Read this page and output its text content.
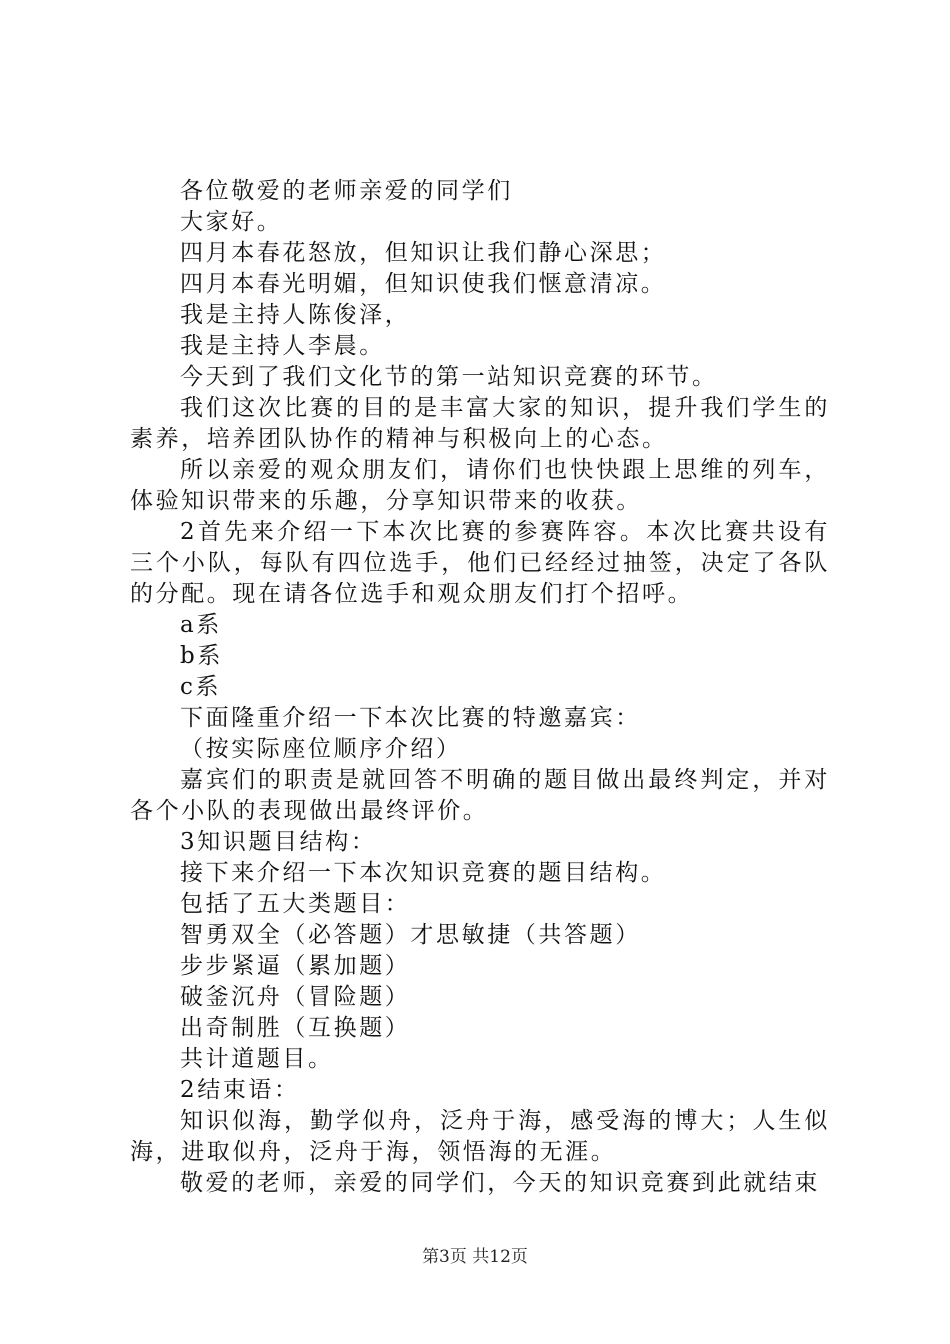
各位敬爱的老师亲爱的同学们

大家好。

四月本春花怒放，但知识让我们静心深思；

四月本春光明媚，但知识使我们惬意清凉。

我是主持人陈俊泽，

我是主持人李晨。

今天到了我们文化节的第一站知识竞赛的环节。

我们这次比赛的目的是丰富大家的知识，提升我们学生的素养，培养团队协作的精神与积极向上的心态。

所以亲爱的观众朋友们，请你们也快快跟上思维的列车，体验知识带来的乐趣，分享知识带来的收获。

2首先来介绍一下本次比赛的参赛阵容。本次比赛共设有三个小队，每队有四位选手，他们已经经过抽签，决定了各队的分配。现在请各位选手和观众朋友们打个招呼。

a系

b系

c系

下面隆重介绍一下本次比赛的特邀嘉宾：

（按实际座位顺序介绍）

嘉宾们的职责是就回答不明确的题目做出最终判定，并对各个小队的表现做出最终评价。

3知识题目结构：

接下来介绍一下本次知识竞赛的题目结构。

包括了五大类题目：

智勇双全（必答题）才思敏捷（共答题）

步步紧逼（累加题）

破釜沉舟（冒险题）

出奇制胜（互换题）

共计道题目。

2结束语：

知识似海，勤学似舟，泛舟于海，感受海的博大；人生似海，进取似舟，泛舟于海，领悟海的无涯。

敬爱的老师，亲爱的同学们，今天的知识竞赛到此就结束

第3页 共12页
